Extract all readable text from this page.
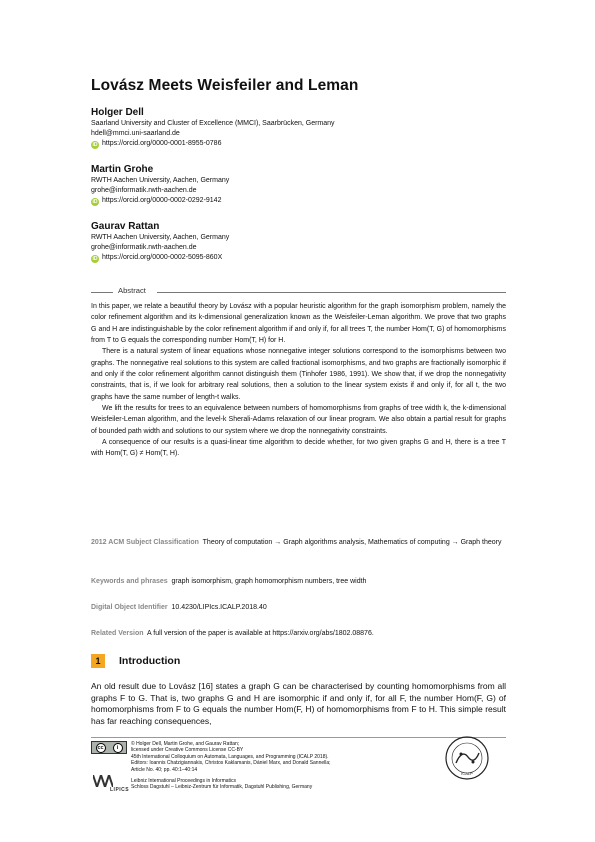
Lovász Meets Weisfeiler and Leman
Holger Dell
Saarland University and Cluster of Excellence (MMCI), Saarbrücken, Germany
hdell@mmci.uni-saarland.de
iD https://orcid.org/0000-0001-8955-0786
Martin Grohe
RWTH Aachen University, Aachen, Germany
grohe@informatik.rwth-aachen.de
iD https://orcid.org/0000-0002-0292-9142
Gaurav Rattan
RWTH Aachen University, Aachen, Germany
grohe@informatik.rwth-aachen.de
iD https://orcid.org/0000-0002-5095-860X
Abstract

In this paper, we relate a beautiful theory by Lovász with a popular heuristic algorithm for the graph isomorphism problem, namely the color refinement algorithm and its k-dimensional generalization known as the Weisfeiler-Leman algorithm. We prove that two graphs G and H are indistinguishable by the color refinement algorithm if and only if, for all trees T, the number Hom(T, G) of homomorphisms from T to G equals the corresponding number Hom(T, H) for H.

There is a natural system of linear equations whose nonnegative integer solutions correspond to the isomorphisms between two graphs. The nonnegative real solutions to this system are called fractional isomorphisms, and two graphs are fractionally isomorphic if and only if the color refinement algorithm cannot distinguish them (Tinhofer 1986, 1991). We show that, if we drop the nonnegativity constraints, that is, if we look for arbitrary real solutions, then a solution to the linear system exists if and only if, for all t, the two graphs have the same number of length-t walks.

We lift the results for trees to an equivalence between numbers of homomorphisms from graphs of tree width k, the k-dimensional Weisfeiler-Leman algorithm, and the level-k Sherali-Adams relaxation of our linear program. We also obtain a partial result for graphs of bounded path width and solutions to our system where we drop the nonnegativity constraints.

A consequence of our results is a quasi-linear time algorithm to decide whether, for two given graphs G and H, there is a tree T with Hom(T, G) ≠ Hom(T, H).

2012 ACM Subject Classification Theory of computation → Graph algorithms analysis, Mathematics of computing → Graph theory
Keywords and phrases graph isomorphism, graph homomorphism numbers, tree width
Digital Object Identifier 10.4230/LIPIcs.ICALP.2018.40
Related Version A full version of the paper is available at https://arxiv.org/abs/1802.08876.
1	Introduction

An old result due to Lovász [16] states a graph G can be characterised by counting homomorphisms from all graphs F to G. That is, two graphs G and H are isomorphic if and only if, for all F, the number Hom(F, G) of homomorphisms from F to G equals the number Hom(F, H) of homomorphisms from F to H. This simple result has far reaching consequences,

cc	i
© Holger Dell, Martin Grohe, and Gaurav Rattan;
licensed under Creative Commons License CC-BY
45th International Colloquium on Automata, Languages, and Programming (ICALP 2018).
Editors: Ioannis Chatzigiannakis, Christos Kaklamanis, Dániel Marx, and Donald Sannella;
Article No. 40; pp. 40:1–40:14
LIPICS
Leibniz International Proceedings in Informatics
Schloss Dagstuhl – Leibniz-Zentrum für Informatik, Dagstuhl Publishing, Germany
ICALP
